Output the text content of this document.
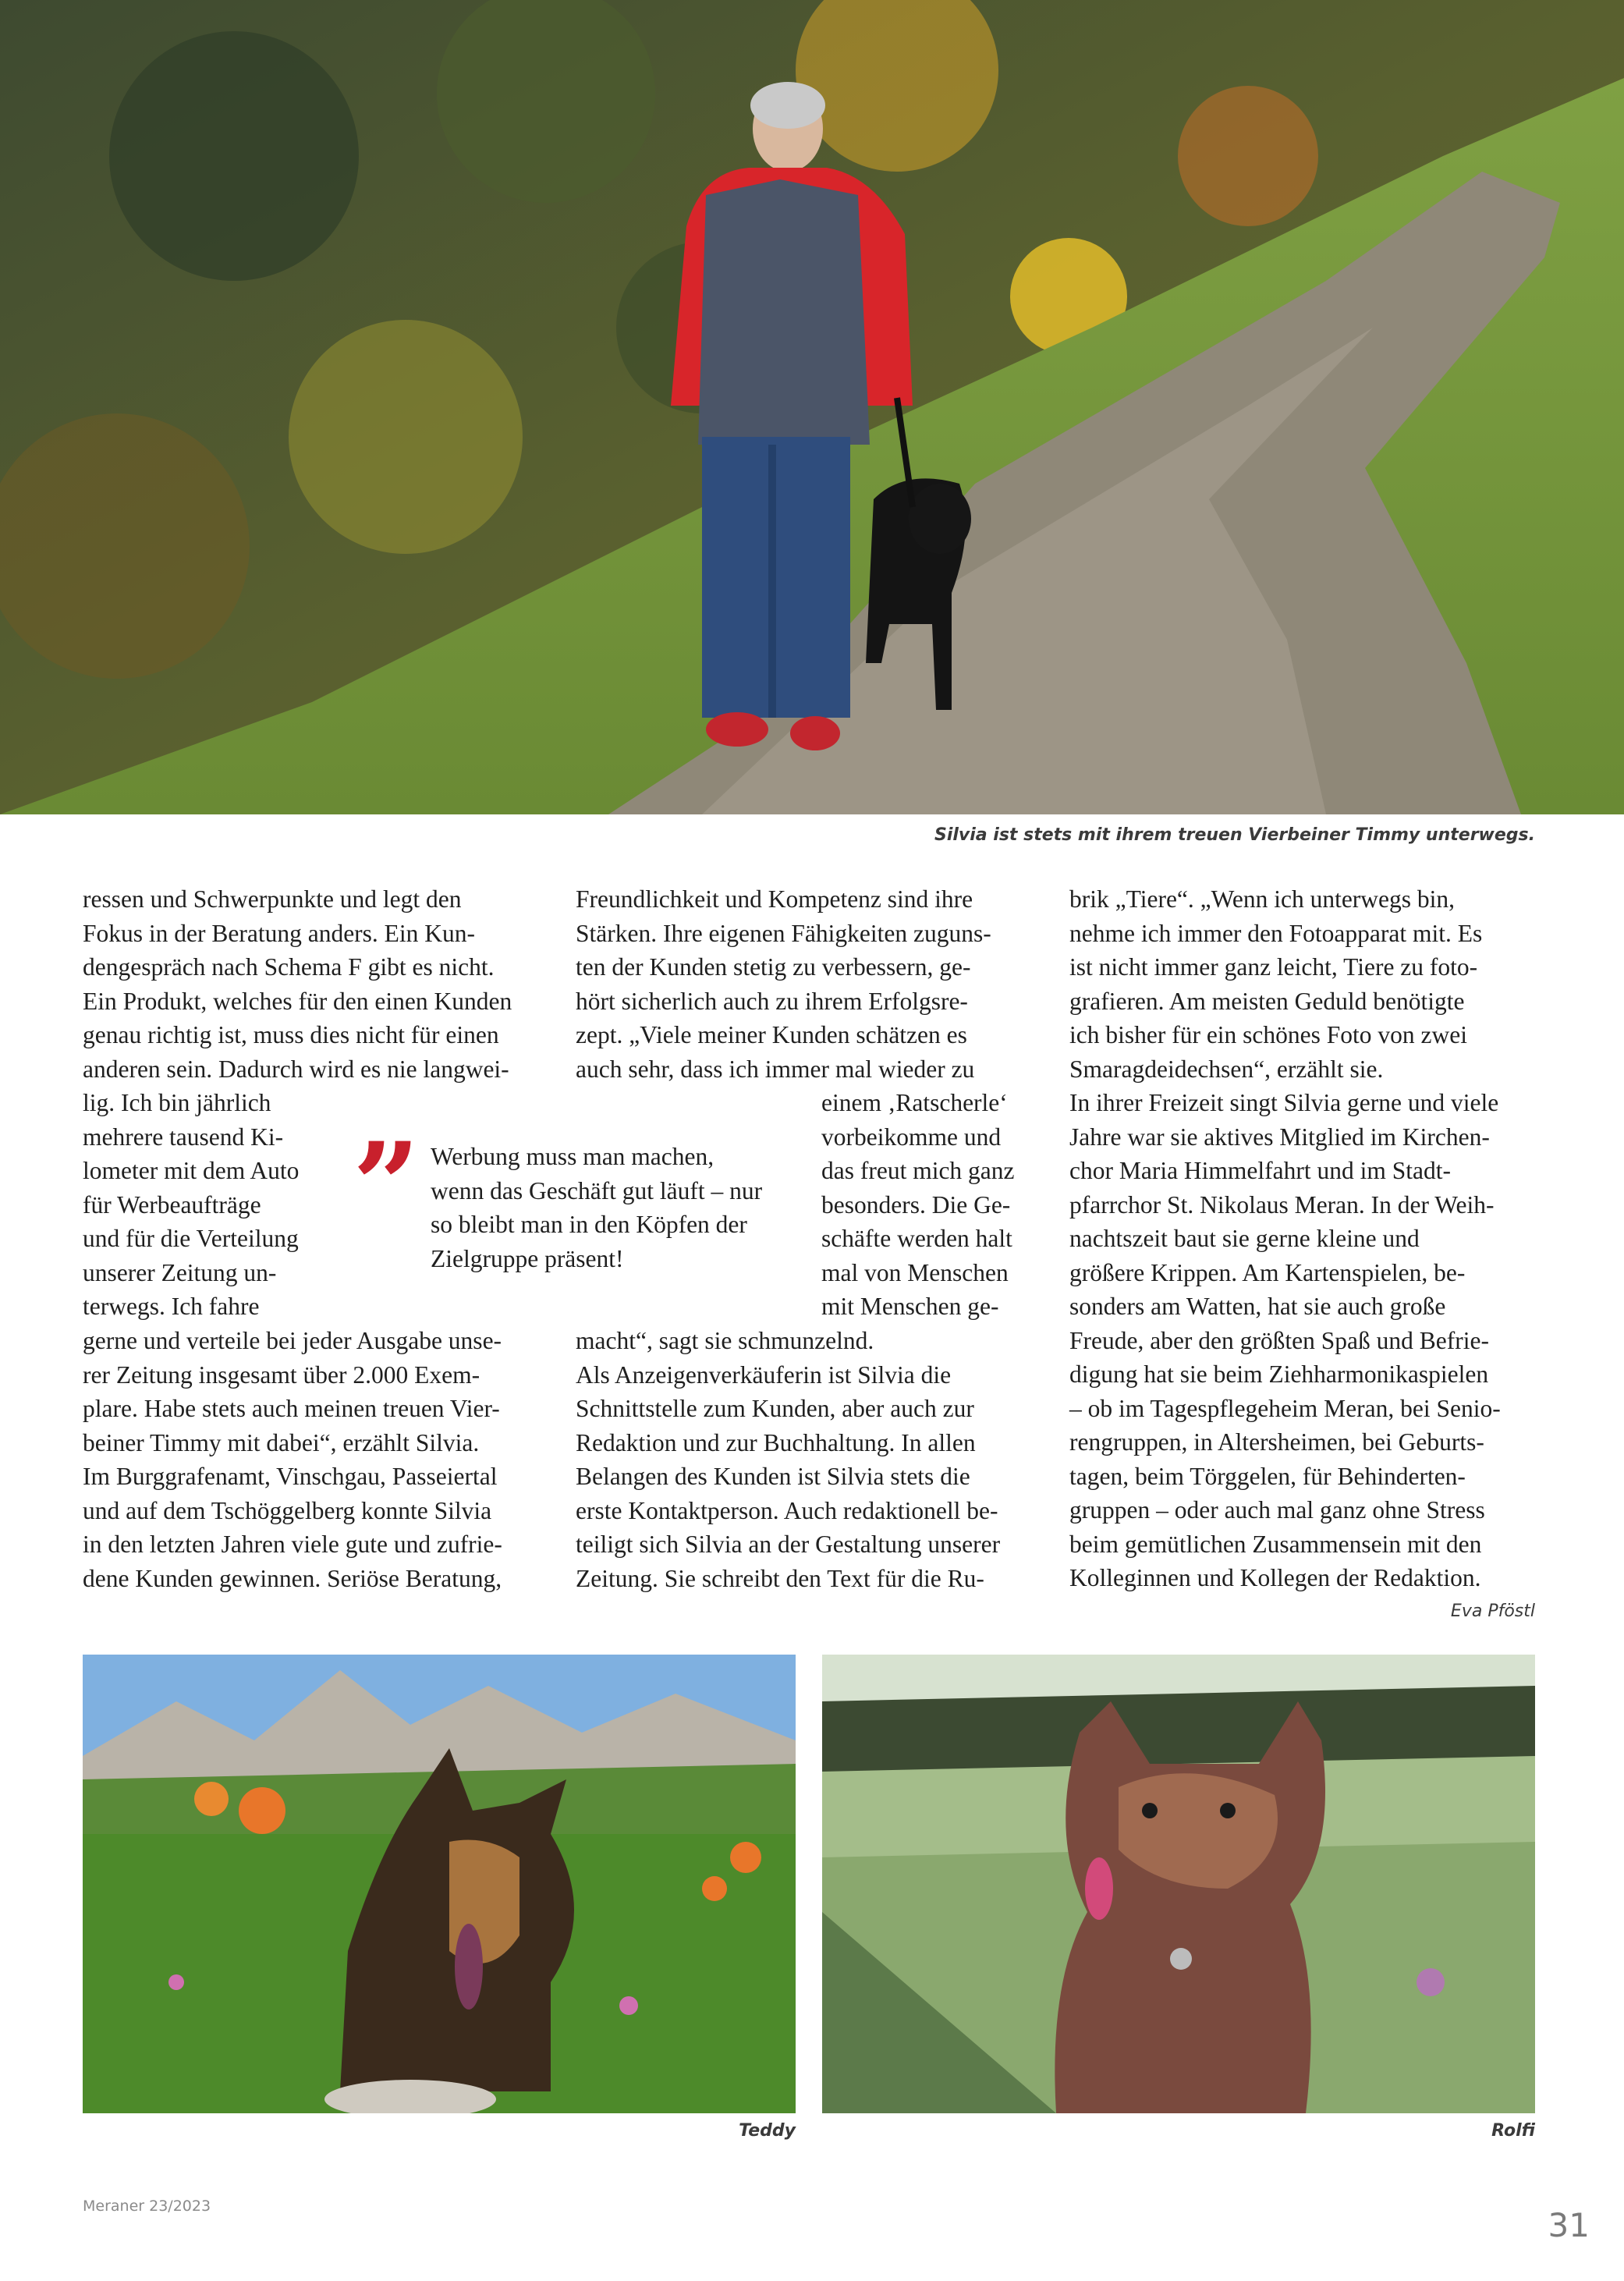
Silvia ist stets mit ihrem treuen Vierbeiner Timmy unterwegs.
ressen und Schwerpunkte und legt den
Fokus in der Beratung anders. Ein Kun-
dengespräch nach Schema F gibt es nicht.
Ein Produkt, welches für den einen Kunden
genau richtig ist, muss dies nicht für einen
anderen sein. Dadurch wird es nie langwei-
lig. Ich bin jährlich
mehrere tausend Ki-
lometer mit dem Auto
für Werbeaufträge
und für die Verteilung
unserer Zeitung un-
terwegs. Ich fahre
gerne und verteile bei jeder Ausgabe unse-
rer Zeitung insgesamt über 2.000 Exem-
plare. Habe stets auch meinen treuen Vier-
beiner Timmy mit dabei“, erzählt Silvia.
Im Burggrafenamt, Vinschgau, Passeiertal
und auf dem Tschöggelberg konnte Silvia
in den letzten Jahren viele gute und zufrie-
dene Kunden gewinnen. Seriöse Beratung,
” Werbung muss man machen,
wenn das Geschäft gut läuft – nur
so bleibt man in den Köpfen der
Zielgruppe präsent!
Freundlichkeit und Kompetenz sind ihre
Stärken. Ihre eigenen Fähigkeiten zuguns-
ten der Kunden stetig zu verbessern, ge-
hört sicherlich auch zu ihrem Erfolgsre-
zept. „Viele meiner Kunden schätzen es
auch sehr, dass ich immer mal wieder zu
einem ‚Ratscherle‘
vorbeikomme und
das freut mich ganz
besonders. Die Ge-
schäfte werden halt
mal von Menschen
mit Menschen ge-
macht“, sagt sie schmunzelnd.
Als Anzeigenverkäuferin ist Silvia die
Schnittstelle zum Kunden, aber auch zur
Redaktion und zur Buchhaltung. In allen
Belangen des Kunden ist Silvia stets die
erste Kontaktperson. Auch redaktionell be-
teiligt sich Silvia an der Gestaltung unserer
Zeitung. Sie schreibt den Text für die Ru-
brik „Tiere“. „Wenn ich unterwegs bin,
nehme ich immer den Fotoapparat mit. Es
ist nicht immer ganz leicht, Tiere zu foto-
grafieren. Am meisten Geduld benötigte
ich bisher für ein schönes Foto von zwei
Smaragdeidechsen“, erzählt sie.
In ihrer Freizeit singt Silvia gerne und viele
Jahre war sie aktives Mitglied im Kirchen-
chor Maria Himmelfahrt und im Stadt-
pfarrchor St. Nikolaus Meran. In der Weih-
nachtszeit baut sie gerne kleine und
größere Krippen. Am Kartenspielen, be-
sonders am Watten, hat sie auch große
Freude, aber den größten Spaß und Befrie-
digung hat sie beim Ziehharmonikaspielen
– ob im Tagespflegeheim Meran, bei Senio-
rengruppen, in Altersheimen, bei Geburts-
tagen, beim Törggelen, für Behinderten-
gruppen – oder auch mal ganz ohne Stress
beim gemütlichen Zusammensein mit den
Kolleginnen und Kollegen der Redaktion.
Eva Pföstl
Teddy	Rolfi
Meraner 23/2023	31
